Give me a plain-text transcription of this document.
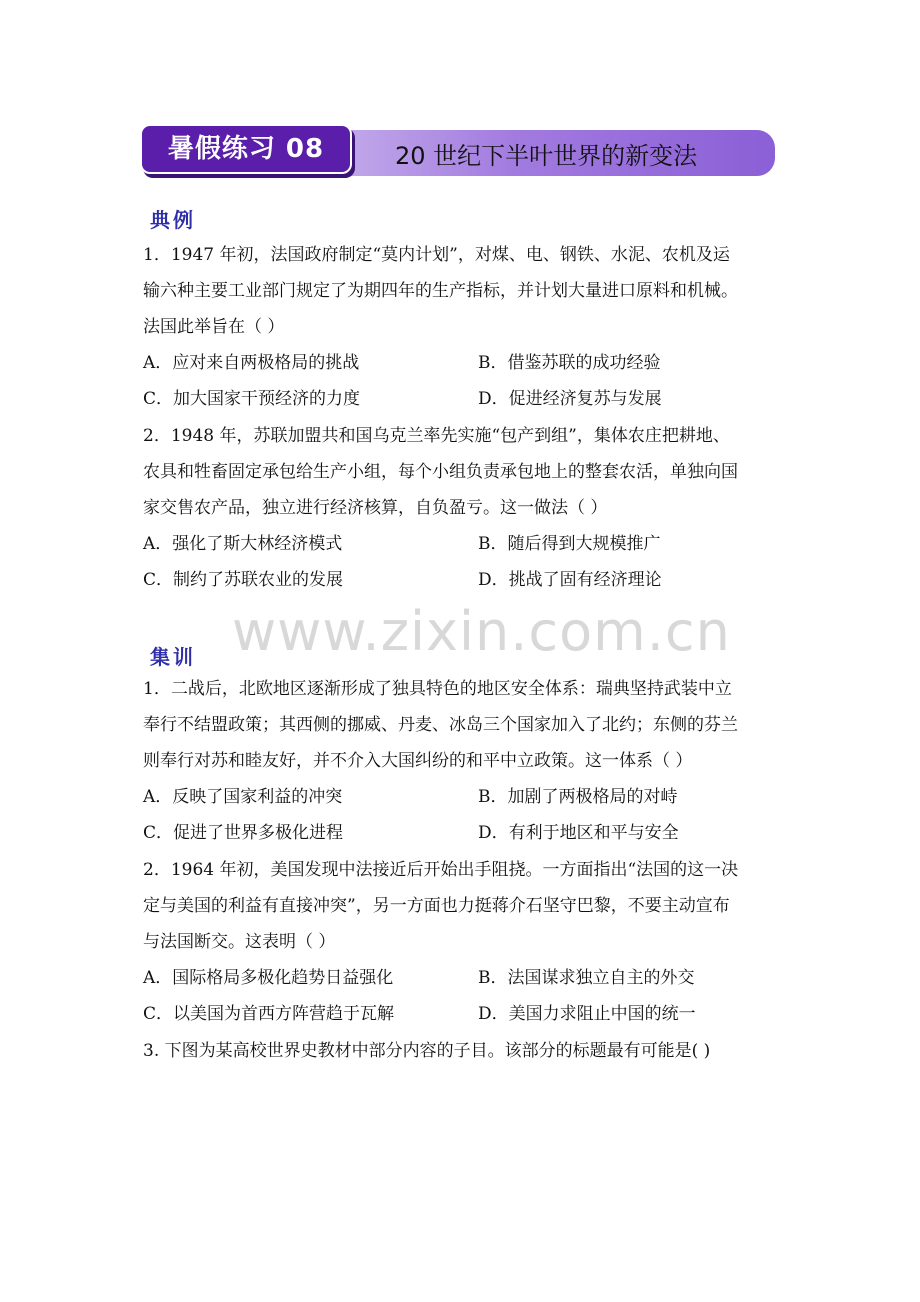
暑假练习 08	20 世纪下半叶世界的新变法
典例
1．1947 年初，法国政府制定“莫内计划”，对煤、电、钢铁、水泥、农机及运
输六种主要工业部门规定了为期四年的生产指标，并计划大量进口原料和机械。
法国此举旨在（ ）
A．应对来自两极格局的挑战	B．借鉴苏联的成功经验
C．加大国家干预经济的力度	D．促进经济复苏与发展
2．1948 年，苏联加盟共和国乌克兰率先实施“包产到组”，集体农庄把耕地、
农具和牲畜固定承包给生产小组，每个小组负责承包地上的整套农活，单独向国
家交售农产品，独立进行经济核算，自负盈亏。这一做法（ ）
A．强化了斯大林经济模式	B．随后得到大规模推广
C．制约了苏联农业的发展	D．挑战了固有经济理论
www.zixin.com.cn
集训
1．二战后，北欧地区逐渐形成了独具特色的地区安全体系：瑞典坚持武装中立
奉行不结盟政策；其西侧的挪威、丹麦、冰岛三个国家加入了北约；东侧的芬兰
则奉行对苏和睦友好，并不介入大国纠纷的和平中立政策。这一体系（ ）
A．反映了国家利益的冲突	B．加剧了两极格局的对峙
C．促进了世界多极化进程	D．有利于地区和平与安全
2．1964 年初，美国发现中法接近后开始出手阻挠。一方面指出“法国的这一决
定与美国的利益有直接冲突”，另一方面也力挺蒋介石坚守巴黎，不要主动宣布
与法国断交。这表明（ ）
A．国际格局多极化趋势日益强化	B．法国谋求独立自主的外交
C．以美国为首西方阵营趋于瓦解	D．美国力求阻止中国的统一
3. 下图为某高校世界史教材中部分内容的子目。该部分的标题最有可能是( )
